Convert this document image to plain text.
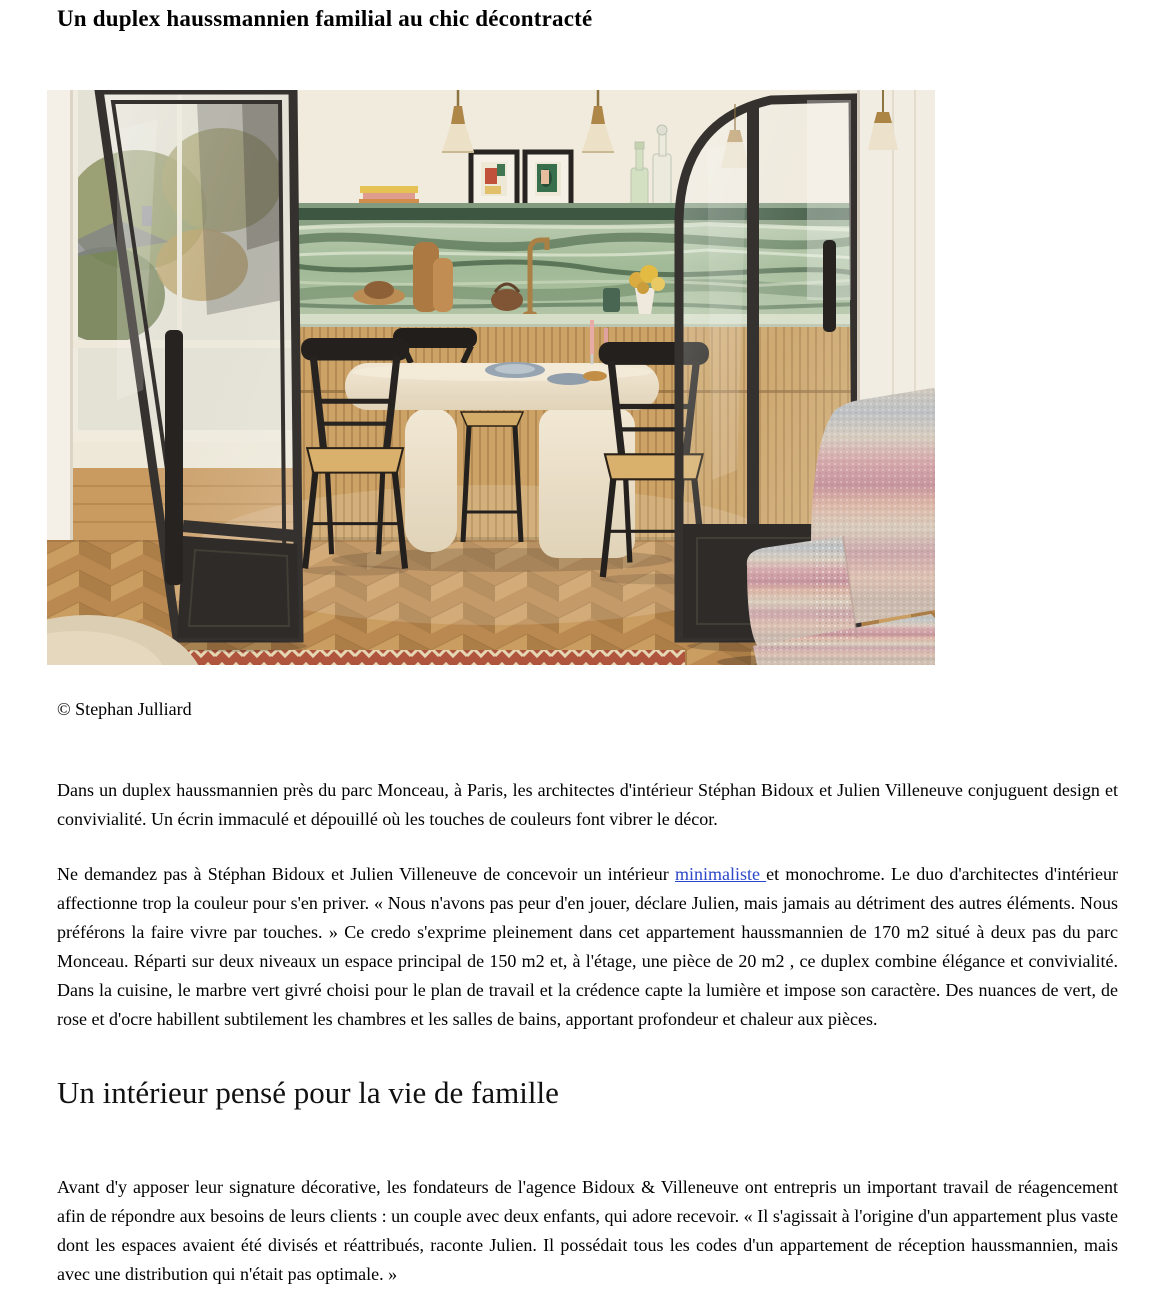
Un duplex haussmannien familial au chic décontracté
© Stephan Julliard

Dans un duplex haussmannien près du parc Monceau, à Paris, les architectes d'intérieur Stéphan Bidoux et Julien Villeneuve conjuguent design et convivialité. Un écrin immaculé et dépouillé où les touches de couleurs font vibrer le décor.

Ne demandez pas à Stéphan Bidoux et Julien Villeneuve de concevoir un intérieur minimaliste et monochrome. Le duo d'architectes d'intérieur affectionne trop la couleur pour s'en priver. « Nous n'avons pas peur d'en jouer, déclare Julien, mais jamais au détriment des autres éléments. Nous préférons la faire vivre par touches. » Ce credo s'exprime pleinement dans cet appartement haussmannien de 170 m2 situé à deux pas du parc Monceau. Réparti sur deux niveaux un espace principal de 150 m2 et, à l'étage, une pièce de 20 m2 , ce duplex combine élégance et convivialité. Dans la cuisine, le marbre vert givré choisi pour le plan de travail et la crédence capte la lumière et impose son caractère. Des nuances de vert, de rose et d'ocre habillent subtilement les chambres et les salles de bains, apportant profondeur et chaleur aux pièces.

Un intérieur pensé pour la vie de famille

Avant d'y apposer leur signature décorative, les fondateurs de l'agence Bidoux & Villeneuve ont entrepris un important travail de réagencement afin de répondre aux besoins de leurs clients : un couple avec deux enfants, qui adore recevoir. « Il s'agissait à l'origine d'un appartement plus vaste dont les espaces avaient été divisés et réattribués, raconte Julien. Il possédait tous les codes d'un appartement de réception haussmannien, mais avec une distribution qui n'était pas optimale. »
